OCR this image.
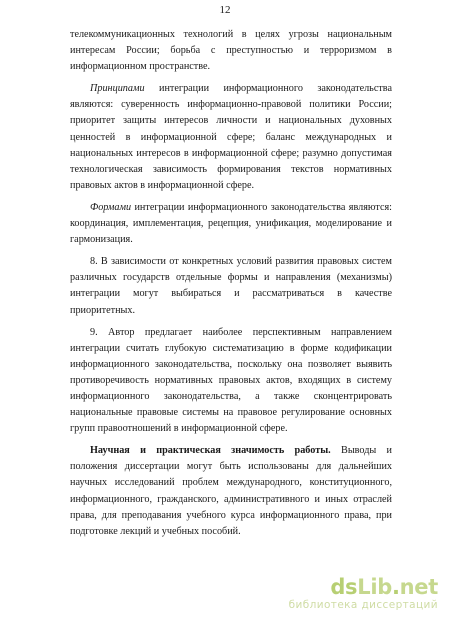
12

телекоммуникационных технологий в целях угрозы национальным интересам России; борьба с преступностью и терроризмом в информационном пространстве.

Принципами интеграции информационного законодательства являются: суверенность информационно-правовой политики России; приоритет защиты интересов личности и национальных духовных ценностей в информационной сфере; баланс международных и национальных интересов в информационной сфере; разумно допустимая технологическая зависимость формирования текстов нормативных правовых актов в информационной сфере.

Формами интеграции информационного законодательства являются: координация, имплементация, рецепция, унификация, моделирование и гармонизация.

8. В зависимости от конкретных условий развития правовых систем различных государств отдельные формы и направления (механизмы) интеграции могут выбираться и рассматриваться в качестве приоритетных.

9. Автор предлагает наиболее перспективным направлением интеграции считать глубокую систематизацию в форме кодификации информационного законодательства, поскольку она позволяет выявить противоречивость нормативных правовых актов, входящих в систему информационного законодательства, а также сконцентрировать национальные правовые системы на правовое регулирование основных групп правоотношений в информационной сфере.

Научная и практическая значимость работы. Выводы и положения диссертации могут быть использованы для дальнейших научных исследований проблем международного, конституционного, информационного, гражданского, административного и иных отраслей права, для преподавания учебного курса информационного права, при подготовке лекций и учебных пособий.

dsLib.net
библиотека диссертаций
